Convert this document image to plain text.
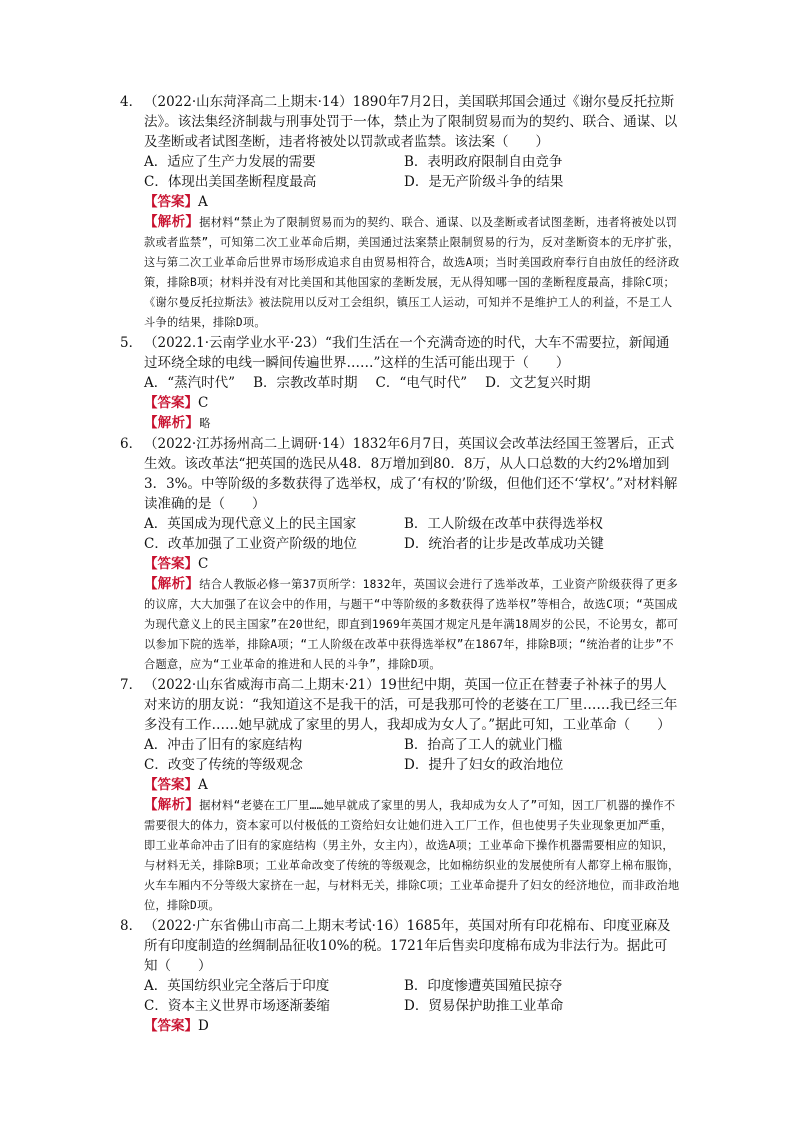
4． （2022·山东菏泽高二上期末·14）1890年7月2日，美国联邦国会通过《谢尔曼反托拉斯法》。该法集经济制裁与刑事处罚于一体，禁止为了限制贸易而为的契约、联合、通谋、以及垄断或者试图垄断，违者将被处以罚款或者监禁。该法案（　　）
A．适应了生产力发展的需要	B．表明政府限制自由竞争
C．体现出美国垄断程度最高	D．是无产阶级斗争的结果
【答案】A
【解析】据材料“禁止为了限制贸易而为的契约、联合、通谋、以及垄断或者试图垄断，违者将被处以罚款或者监禁”，可知第二次工业革命后期，美国通过法案禁止限制贸易的行为，反对垄断资本的无序扩张，这与第二次工业革命后世界市场形成追求自由贸易相符合，故选A项；当时美国政府奉行自由放任的经济政策，排除B项；材料并没有对比美国和其他国家的垄断发展，无从得知哪一国的垄断程度最高，排除C项；《谢尔曼反托拉斯法》被法院用以反对工会组织，镇压工人运动，可知并不是维护工人的利益，不是工人斗争的结果，排除D项。
5． （2022.1·云南学业水平·23）“我们生活在一个充满奇迹的时代，大车不需要拉，新闻通过环绕全球的电线一瞬间传遍世界……”这样的生活可能出现于（　　）
A．“蒸汽时代” B．宗教改革时期 C．“电气时代” D．文艺复兴时期
【答案】C
【解析】略
6． （2022·江苏扬州高二上调研·14）1832年6月7日，英国议会改革法经国王签署后，正式生效。该改革法“把英国的选民从48．8万增加到80．8万，从人口总数的大约2%增加到3．3%。中等阶级的多数获得了选举权，成了‘有权的’阶级，但他们还不‘掌权’。”对材料解读准确的是（　　）
A．英国成为现代意义上的民主国家	B．工人阶级在改革中获得选举权
C．改革加强了工业资产阶级的地位	D．统治者的让步是改革成功关键
【答案】C
【解析】结合人教版必修一第37页所学：1832年，英国议会进行了选举改革，工业资产阶级获得了更多的议席，大大加强了在议会中的作用，与题干“中等阶级的多数获得了选举权”等相合，故选C项；“英国成为现代意义上的民主国家”在20世纪，即直到1969年英国才规定凡是年满18周岁的公民，不论男女，都可以参加下院的选举，排除A项；“工人阶级在改革中获得选举权”在1867年，排除B项；“统治者的让步”不合题意，应为“工业革命的推进和人民的斗争”，排除D项。
7． （2022·山东省威海市高二上期末·21）19世纪中期，英国一位正在替妻子补袜子的男人对来访的朋友说：“我知道这不是我干的活，可是我那可怜的老婆在工厂里……我已经三年多没有工作……她早就成了家里的男人，我却成为女人了。”据此可知，工业革命（　　）
A．冲击了旧有的家庭结构	B．抬高了工人的就业门槛
C．改变了传统的等级观念	D．提升了妇女的政治地位
【答案】A
【解析】据材料“老婆在工厂里……她早就成了家里的男人，我却成为女人了”可知，因工厂机器的操作不需要很大的体力，资本家可以付极低的工资给妇女让她们进入工厂工作，但也使男子失业现象更加严重，即工业革命冲击了旧有的家庭结构（男主外，女主内），故选A项；工业革命下操作机器需要相应的知识，与材料无关，排除B项；工业革命改变了传统的等级观念，比如棉纺织业的发展使所有人都穿上棉布服饰，火车车厢内不分等级大家挤在一起，与材料无关，排除C项；工业革命提升了妇女的经济地位，而非政治地位，排除D项。
8． （2022·广东省佛山市高二上期末考试·16）1685年，英国对所有印花棉布、印度亚麻及所有印度制造的丝绸制品征收10%的税。1721年后售卖印度棉布成为非法行为。据此可知（　　）
A．英国纺织业完全落后于印度	B．印度惨遭英国殖民掠夺
C．资本主义世界市场逐渐萎缩	D．贸易保护助推工业革命
【答案】D
